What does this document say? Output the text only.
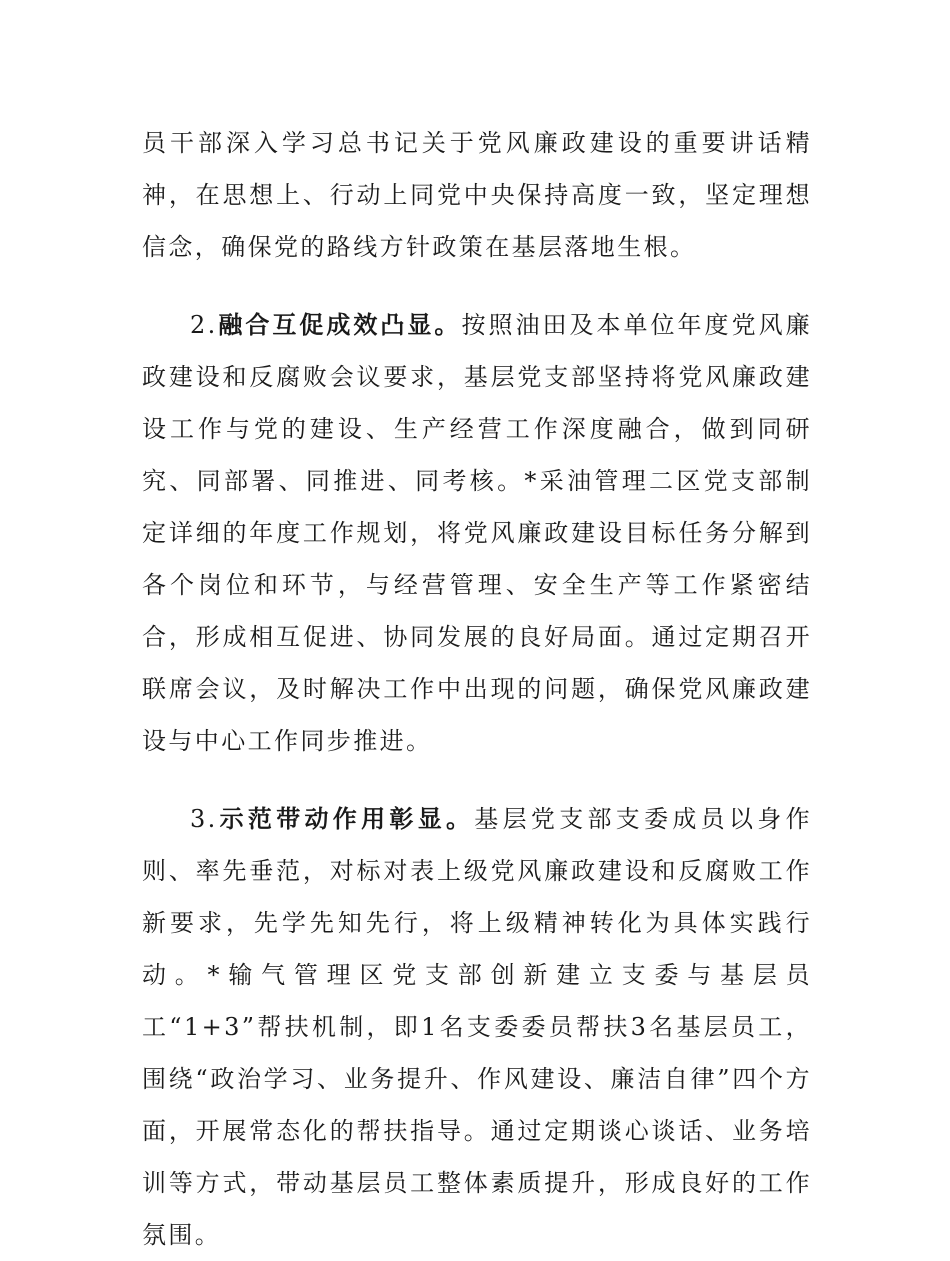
员干部深入学习总书记关于党风廉政建设的重要讲话精神，在思想上、行动上同党中央保持高度一致，坚定理想信念，确保党的路线方针政策在基层落地生根。

2.融合互促成效凸显。按照油田及本单位年度党风廉政建设和反腐败会议要求，基层党支部坚持将党风廉政建设工作与党的建设、生产经营工作深度融合，做到同研究、同部署、同推进、同考核。*采油管理二区党支部制定详细的年度工作规划，将党风廉政建设目标任务分解到各个岗位和环节，与经营管理、安全生产等工作紧密结合，形成相互促进、协同发展的良好局面。通过定期召开联席会议，及时解决工作中出现的问题，确保党风廉政建设与中心工作同步推进。

3.示范带动作用彰显。基层党支部支委成员以身作则、率先垂范，对标对表上级党风廉政建设和反腐败工作新要求，先学先知先行，将上级精神转化为具体实践行动。*输气管理区党支部创新建立支委与基层员工“1+3”帮扶机制，即1名支委委员帮扶3名基层员工，围绕“政治学习、业务提升、作风建设、廉洁自律”四个方面，开展常态化的帮扶指导。通过定期谈心谈话、业务培训等方式，带动基层员工整体素质提升，形成良好的工作氛围。
